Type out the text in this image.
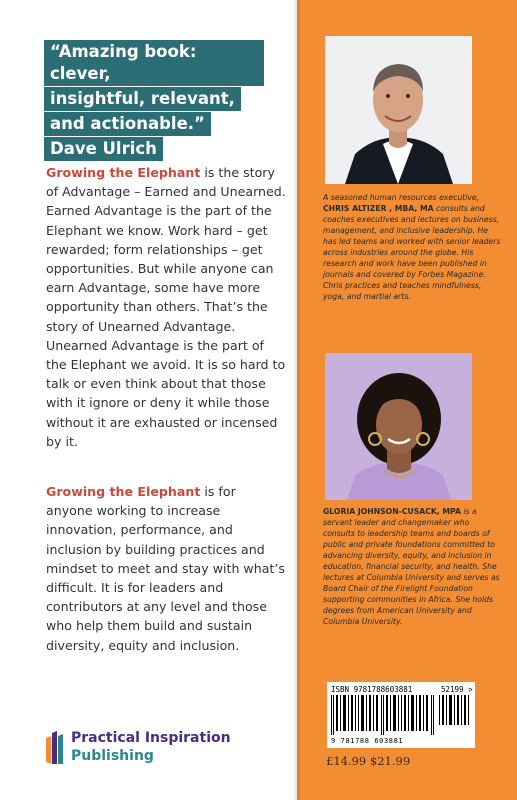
“Amazing book: clever,
insightful, relevant,
and actionable.”
Dave Ulrich
Growing the Elephant is the story of Advantage – Earned and Unearned. Earned Advantage is the part of the Elephant we know. Work hard – get rewarded; form relationships – get opportunities. But while anyone can earn Advantage, some have more opportunity than others. That’s the story of Unearned Advantage. Unearned Advantage is the part of the Elephant we avoid. It is so hard to talk or even think about that those with it ignore or deny it while those without it are exhausted or incensed by it.
Growing the Elephant is for anyone working to increase innovation, performance, and inclusion by building practices and mindset to meet and stay with what’s difficult. It is for leaders and contributors at any level and those who help them build and sustain diversity, equity and inclusion.
Practical Inspiration
Publishing
A seasoned human resources executive, CHRIS ALTIZER , MBA, MA consults and coaches executives and lectures on business, management, and inclusive leadership. He has led teams and worked with senior leaders across industries around the globe. His research and work have been published in journals and covered by Forbes Magazine. Chris practices and teaches mindfulness, yoga, and martial arts.
GLORIA JOHNSON-CUSACK, MPA is a servant leader and changemaker who consults to leadership teams and boards of public and private foundations committed to advancing diversity, equity, and inclusion in education, financial security, and health. She lectures at Columbia University and serves as Board Chair of the Firelight Foundation supporting communities in Africa. She holds degrees from American University and Columbia University.
ISBN 9781788603881	52199 >
9 781788 603881
£14.99 $21.99
